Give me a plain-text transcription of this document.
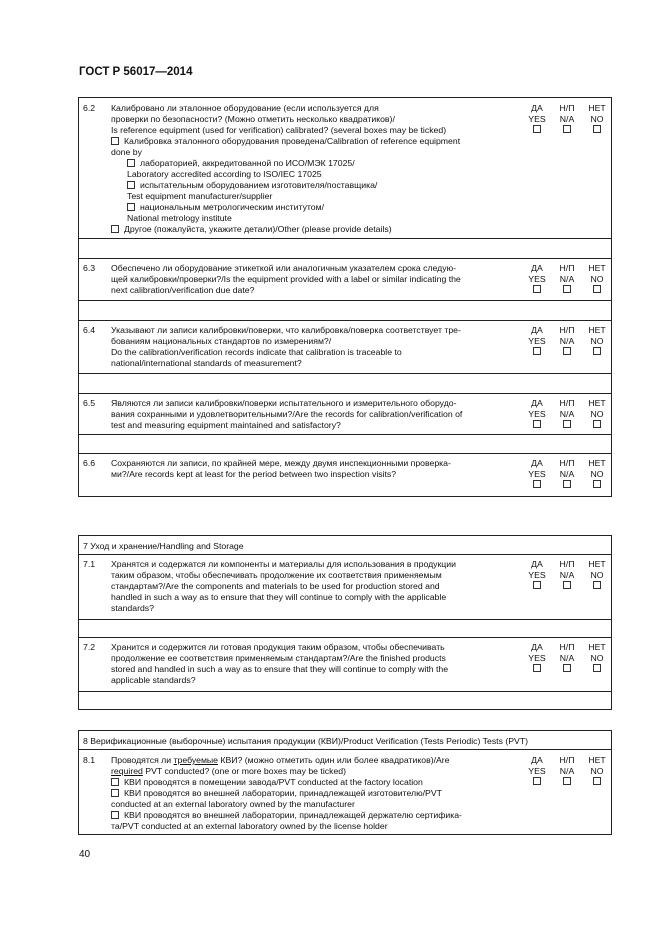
ГОСТ Р 56017—2014
6.2 Калибровано ли эталонное оборудование (если используется для
проверки по безопасности? (Можно отметить несколько квадратиков)/
Is reference equipment (used for verification) calibrated? (several boxes may be ticked)
Калибровка эталонного оборудования проведена/Calibration of reference equipment
done by
лабораторией, аккредитованной по ИСО/МЭК 17025/
Laboratory accredited according to ISO/IEC 17025
испытательным оборудованием изготовителя/поставщика/
Test equipment manufacturer/supplier
национальным метрологическим институтом/
National metrology institute
Другое (пожалуйста, укажите детали)/Other (please provide details)
ДА
YES
Н/П
N/A
НЕТ
NO
6.3 Обеспечено ли оборудование этикеткой или аналогичным указателем срока следую-
щей калибровки/проверки?/Is the equipment provided with a label or similar indicating the
next calibration/verification due date?
ДА
YES
Н/П
N/A
НЕТ
NO
6.4 Указывают ли записи калибровки/поверки, что калибровка/поверка соответствует тре-
бованиям национальных стандартов по измерениям?/
Do the calibration/verification records indicate that calibration is traceable to
national/international standards of measurement?
ДА
YES
Н/П
N/A
НЕТ
NO
6.5 Являются ли записи калибровки/поверки испытательного и измерительного оборудо-
вания сохранными и удовлетворительными?/Are the records for calibration/verification of
test and measuring equipment maintained and satisfactory?
ДА
YES
Н/П
N/A
НЕТ
NO
6.6 Сохраняются ли записи, по крайней мере, между двумя инспекционными проверка-
ми?/Are records kept at least for the period between two inspection visits?
ДА
YES
Н/П
N/A
НЕТ
NO
7 Уход и хранение/Handling and Storage
7.1 Хранятся и содержатся ли компоненты и материалы для использования в продукции
таким образом, чтобы обеспечивать продолжение их соответствия применяемым
стандартам?/Are the components and materials to be used for production stored and
handled in such a way as to ensure that they will continue to comply with the applicable
standards?
ДА
YES
Н/П
N/A
НЕТ
NO
7.2 Хранится и содержится ли готовая продукция таким образом, чтобы обеспечивать
продолжение ее соответствия применяемым стандартам?/Are the finished products
stored and handled in such a way as to ensure that they will continue to comply with the
applicable standards?
ДА
YES
Н/П
N/A
НЕТ
NO
8 Верификационные (выборочные) испытания продукции (КВИ)/Product Verification (Tests Periodic) Tests (PVT)
8.1 Проводятся ли требуемые КВИ? (можно отметить один или более квадратиков)/Are
required PVT conducted? (one or more boxes may be ticked)
КВИ проводятся в помещении завода/PVT conducted at the factory location
КВИ проводятся во внешней лаборатории, принадлежащей изготовителю/PVT
conducted at an external laboratory owned by the manufacturer
КВИ проводятся во внешней лаборатории, принадлежащей держателю сертифика-
та/PVT conducted at an external laboratory owned by the license holder
ДА
YES
Н/П
N/A
НЕТ
NO
40
